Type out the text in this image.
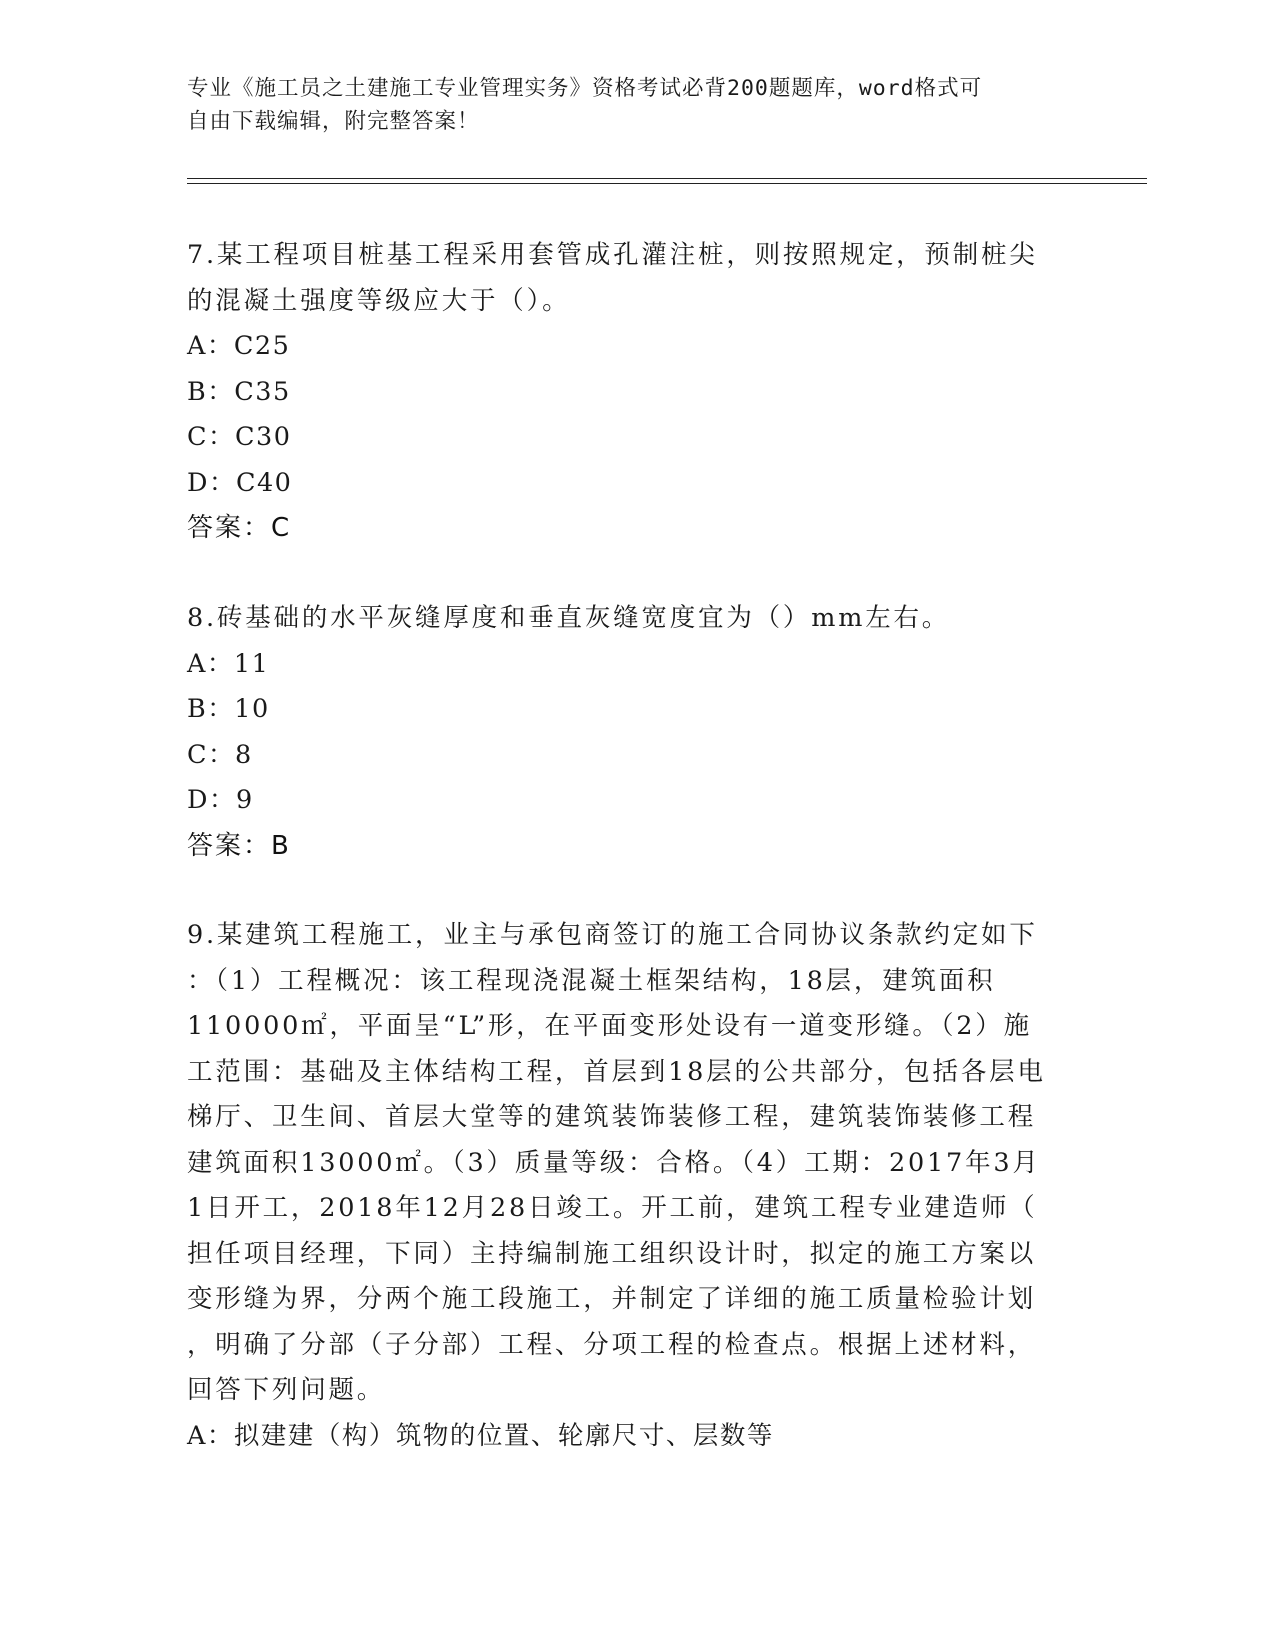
专业《施工员之土建施工专业管理实务》资格考试必背200题题库，word格式可
自由下载编辑，附完整答案！
7.某工程项目桩基工程采用套管成孔灌注桩，则按照规定，预制桩尖
的混凝土强度等级应大于（）。
A：C25
B：C35
C：C30
D：C40
答案：C
8.砖基础的水平灰缝厚度和垂直灰缝宽度宜为（）mm左右。
A：11
B：10
C：8
D：9
答案：B
9.某建筑工程施工，业主与承包商签订的施工合同协议条款约定如下
：（1）工程概况：该工程现浇混凝土框架结构，18层，建筑面积
110000㎡，平面呈“L”形，在平面变形处设有一道变形缝。（2）施
工范围：基础及主体结构工程，首层到18层的公共部分，包括各层电
梯厅、卫生间、首层大堂等的建筑装饰装修工程，建筑装饰装修工程
建筑面积13000㎡。（3）质量等级：合格。（4）工期：2017年3月
1日开工，2018年12月28日竣工。开工前，建筑工程专业建造师（
担任项目经理，下同）主持编制施工组织设计时，拟定的施工方案以
变形缝为界，分两个施工段施工，并制定了详细的施工质量检验计划
，明确了分部（子分部）工程、分项工程的检查点。根据上述材料，
回答下列问题。
A：拟建建（构）筑物的位置、轮廓尺寸、层数等
